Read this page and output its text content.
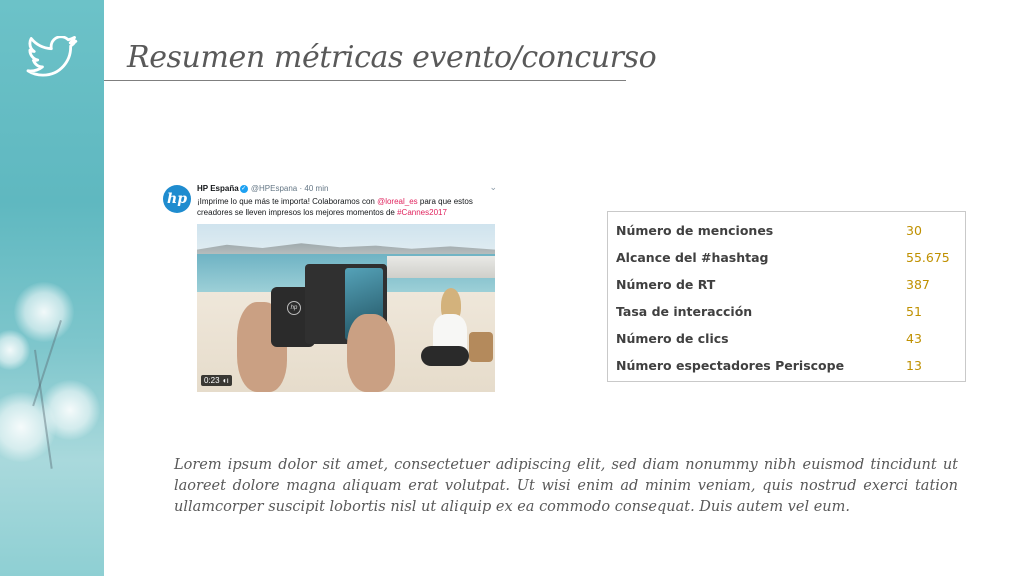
Resumen métricas evento/concurso
hp
HP España ✓ @HPEspana · 40 min	⌄
¡Imprime lo que más te importa! Colaboramos con @loreal_es para que estos creadores se lleven impresos los mejores momentos de #Cannes2017
hp
0:23 ◖ı
Número de menciones	30
Alcance del #hashtag	55.675
Número de RT	387
Tasa de interacción	51
Número de clics	43
Número espectadores Periscope	13

Lorem ipsum dolor sit amet, consectetuer adipiscing elit, sed diam nonummy nibh euismod tincidunt ut laoreet dolore magna aliquam erat volutpat. Ut wisi enim ad minim veniam, quis nostrud exerci tation ullamcorper suscipit lobortis nisl ut aliquip ex ea commodo consequat. Duis autem vel eum.
